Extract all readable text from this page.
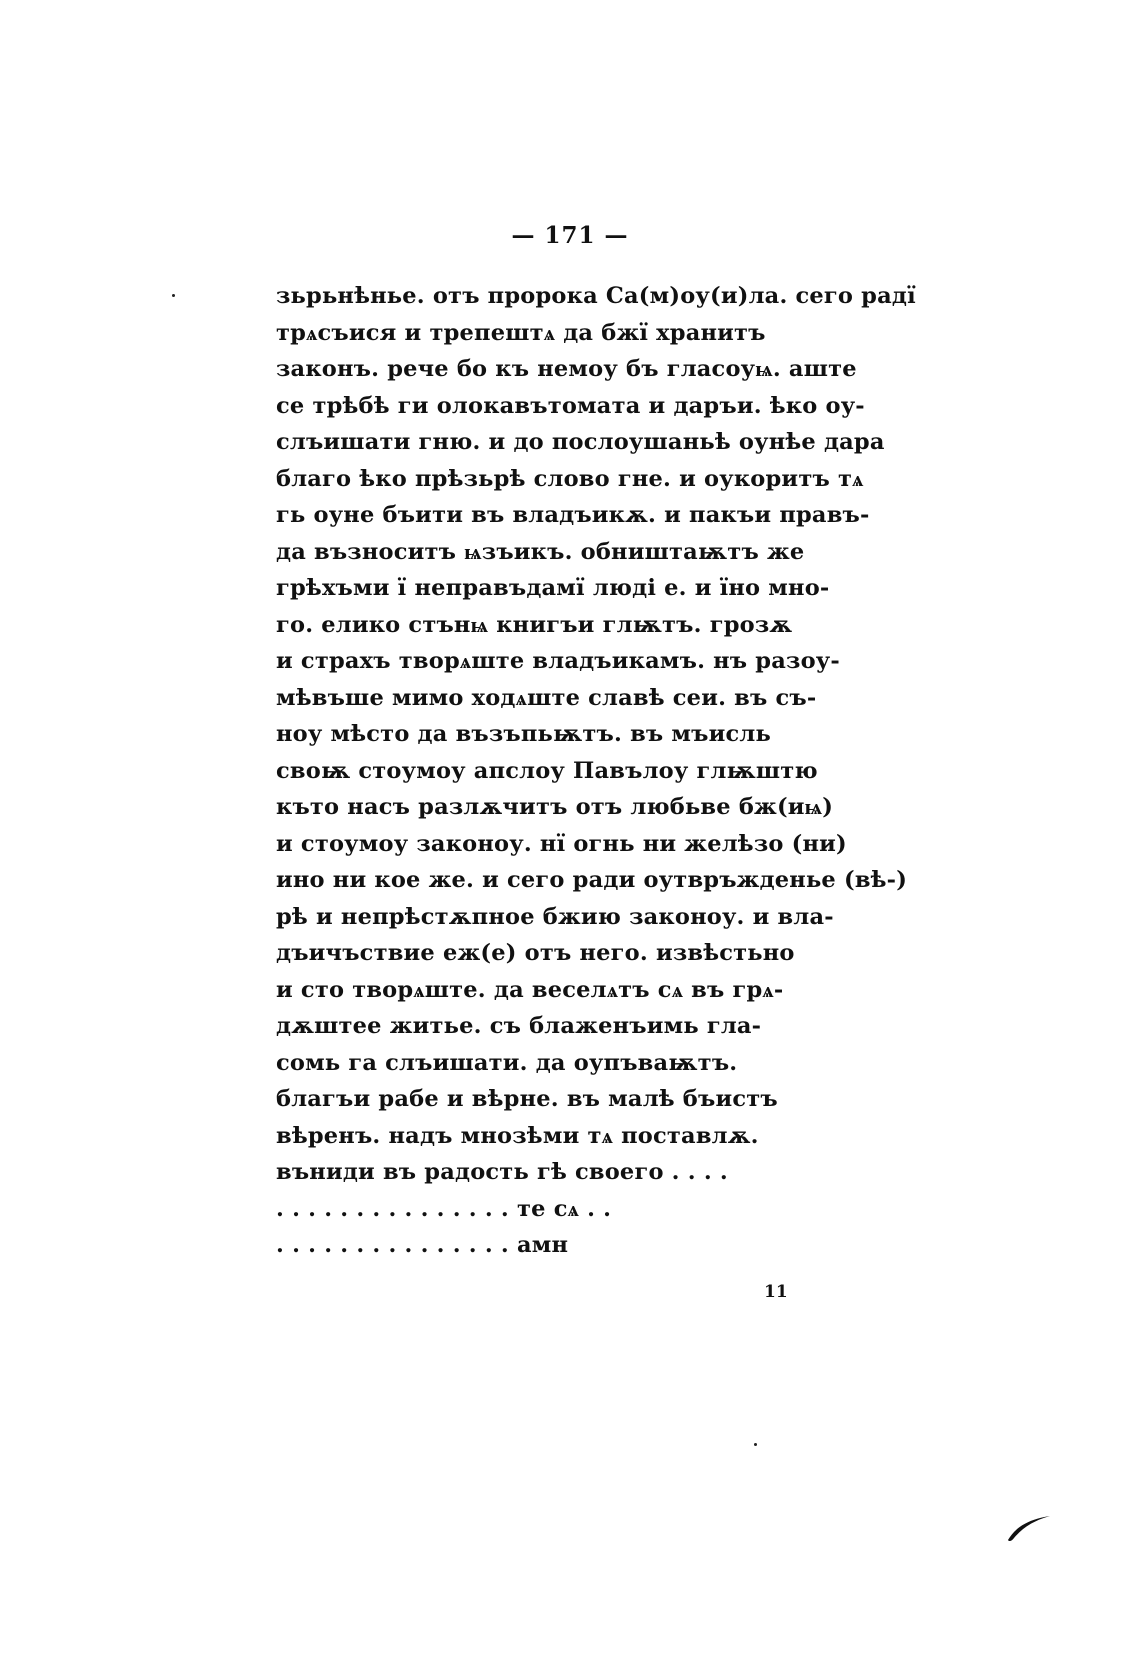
— 171 —
зьрьнѣнье. отъ пророка Са(м)оу(и)ла. сего радї
трѧсъися и трепештѧ да бжї хранитъ
законъ. рече бо къ немоу бъ гласоуѩ. аште
се трѣбѣ ги олокавътомата и даръи. ѣко оу-
слъишати гню. и до послоушаньѣ оунѣе дара
благо ѣко прѣзьрѣ слово гне. и оукоритъ тѧ
гь оуне бъити въ владъикѫ. и пакъи правъ-
да възноситъ ѩзъикъ. обништаѭтъ же
грѣхъми ї неправъдамї людi е. и їно мно-
го. елико стънѩ книгъи глѭтъ. грозѫ
и страхъ творѧште владъикамъ. нъ разоу-
мѣвъше мимо ходѧште славѣ сеи. въ съ-
ноу мѣсто да възъпьѭтъ. въ мъисль
своѭ стоумоу апслоу Павълоу глѭштю
къто насъ разлѫчитъ отъ любьве бж(иѩ)
и стоумоу законоу. нї огнь ни желѣзо (ни)
ино ни кое же. и сего ради оутвръжденье (вѣ-)
рѣ и непрѣстѫпное бжию законоу. и вла-
дъичъствие еж(е) отъ него. извѣстьно
и сто творѧште. да веселѧтъ сѧ въ грѧ-
дѫштее житье. съ блаженъимь гла-
сомь га слъишати. да оупъваѭтъ.
благъи рабе и вѣрне. въ малѣ бъистъ
вѣренъ. надъ мнозѣми тѧ поставлѫ.
въниди въ радость гѣ своего . . . .
. . . . . . . . . . . . . . . те сѧ . .
. . . . . . . . . . . . . . . амн
11
